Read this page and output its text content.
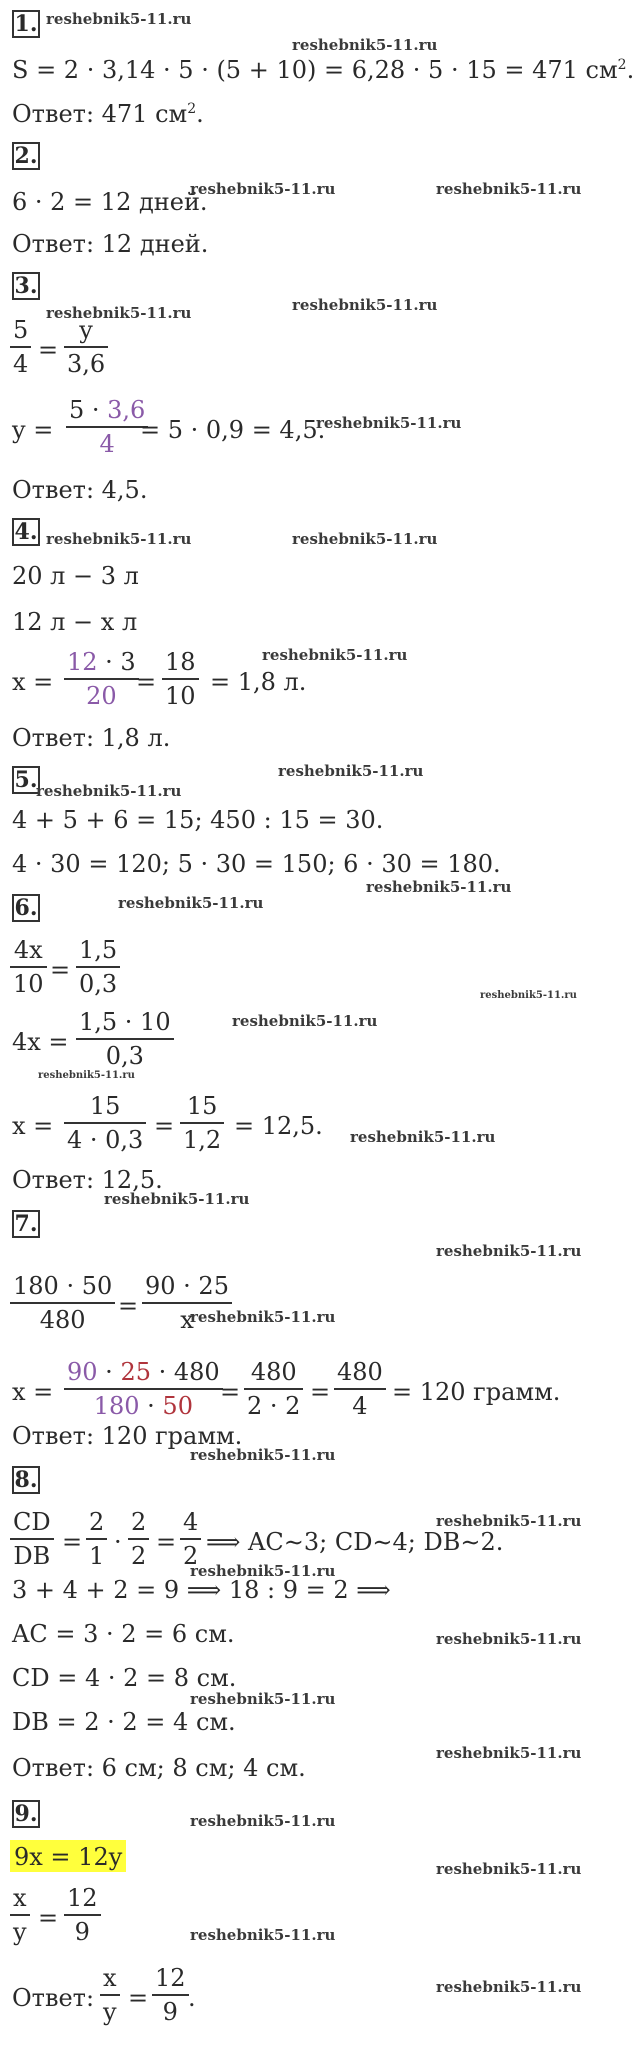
1.
S = 2 · 3,14 · 5 · (5 + 10) = 6,28 · 5 · 15 = 471 $см^2$.
Ответ: 471 $см^2$.
2.
6 · 2 = 12 дней.
Ответ: 12 дней.
3.
$\frac{5}{4} = \frac{y}{3,6}$
$y = \frac{5 \cdot 3,6}{4}$
= 5 · 0,9 = 4,5.
Ответ: 4,5.
4.
20 л − 3 л
12 л − x л
$x = \frac{12 \cdot 3}{20}$
= $\frac{18}{10} = 1,8$ л.
Ответ: 1,8 л.
5.
4 + 5 + 6 = 15; 450 : 15 = 30.
4 · 30 = 120; 5 · 30 = 150; 6 · 30 = 180.
6.
$\frac{4x}{10} = \frac{1,5}{0,3}$
$4x = \frac{1,5 \cdot 10}{0,3}$
$x = \frac{15}{4 \cdot 0,3} = \frac{15}{1,2} = 12,5$.
Ответ: 12,5.
7.
$\frac{180 \cdot 50}{480} = \frac{90 \cdot 25}{x}$
$x = \frac{90 \cdot 25 \cdot 480}{180 \cdot 50}$
= $\frac{480}{2 \cdot 2} = \frac{480}{4} = 120$ грамм.
Ответ: 120 грамм.
8.
$\frac{CD}{DB} = \frac{2}{1} \cdot \frac{2}{2} = \frac{4}{2}$ ⟹ AC∼3; CD∼4; DB∼2.
3 + 4 + 2 = 9 ⟹ 18 : 9 = 2 ⟹
AC = 3 · 2 = 6 см.
CD = 4 · 2 = 8 см.
DB = 2 · 2 = 4 см.
Ответ: 6 см; 8 см; 4 см.
9.
9x = 12y
$\frac{x}{y} = \frac{12}{9}$
Ответ: $\frac{x}{y} = \frac{12}{9}$ .
reshebnik5-11.ru
reshebnik5-11.ru
reshebnik5-11.ru	reshebnik5-11.ru
reshebnik5-11.ru	reshebnik5-11.ru
reshebnik5-11.ru
reshebnik5-11.ru	reshebnik5-11.ru
reshebnik5-11.ru
reshebnik5-11.ru
reshebnik5-11.ru
reshebnik5-11.ru
reshebnik5-11.ru
reshebnik5-11.ru
reshebnik5-11.ru
reshebnik5-11.ru
reshebnik5-11.ru
reshebnik5-11.ru
reshebnik5-11.ru
reshebnik5-11.ru
reshebnik5-11.ru
reshebnik5-11.ru
reshebnik5-11.ru
reshebnik5-11.ru
reshebnik5-11.ru
reshebnik5-11.ru
reshebnik5-11.ru
reshebnik5-11.ru
reshebnik5-11.ru
reshebnik5-11.ru
